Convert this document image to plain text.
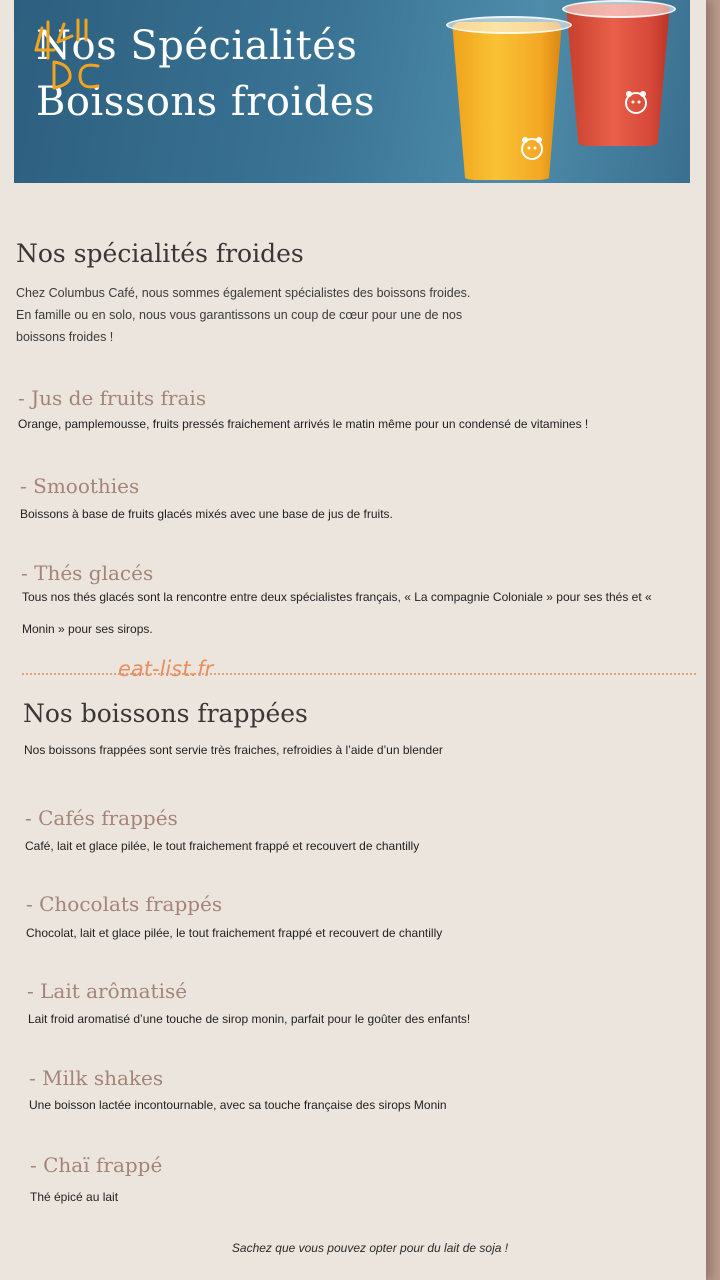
Nos Spécialités
Boissons froides
Nos spécialités froides
Chez Columbus Café, nous sommes également spécialistes des boissons froides.
En famille ou en solo, nous vous garantissons un coup de cœur pour une de nos
boissons froides !
- Jus de fruits frais
Orange, pamplemousse, fruits pressés fraichement arrivés le matin même pour un condensé de vitamines !
- Smoothies
Boissons à base de fruits glacés mixés avec une base de jus de fruits.
- Thés glacés
Tous nos thés glacés sont la rencontre entre deux spécialistes français, « La compagnie Coloniale » pour ses thés et «
Monin » pour ses sirops.
eat-list.fr
Nos boissons frappées
Nos boissons frappées sont servie très fraiches, refroidies à l’aide d’un blender
- Cafés frappés
Café, lait et glace pilée, le tout fraichement frappé et recouvert de chantilly
- Chocolats frappés
Chocolat, lait et glace pilée, le tout fraichement frappé et recouvert de chantilly
- Lait arômatisé
Lait froid aromatisé d’une touche de sirop monin, parfait pour le goûter des enfants!
- Milk shakes
Une boisson lactée incontournable, avec sa touche française des sirops Monin
- Chaï frappé
Thé épicé au lait
Sachez que vous pouvez opter pour du lait de soja !
